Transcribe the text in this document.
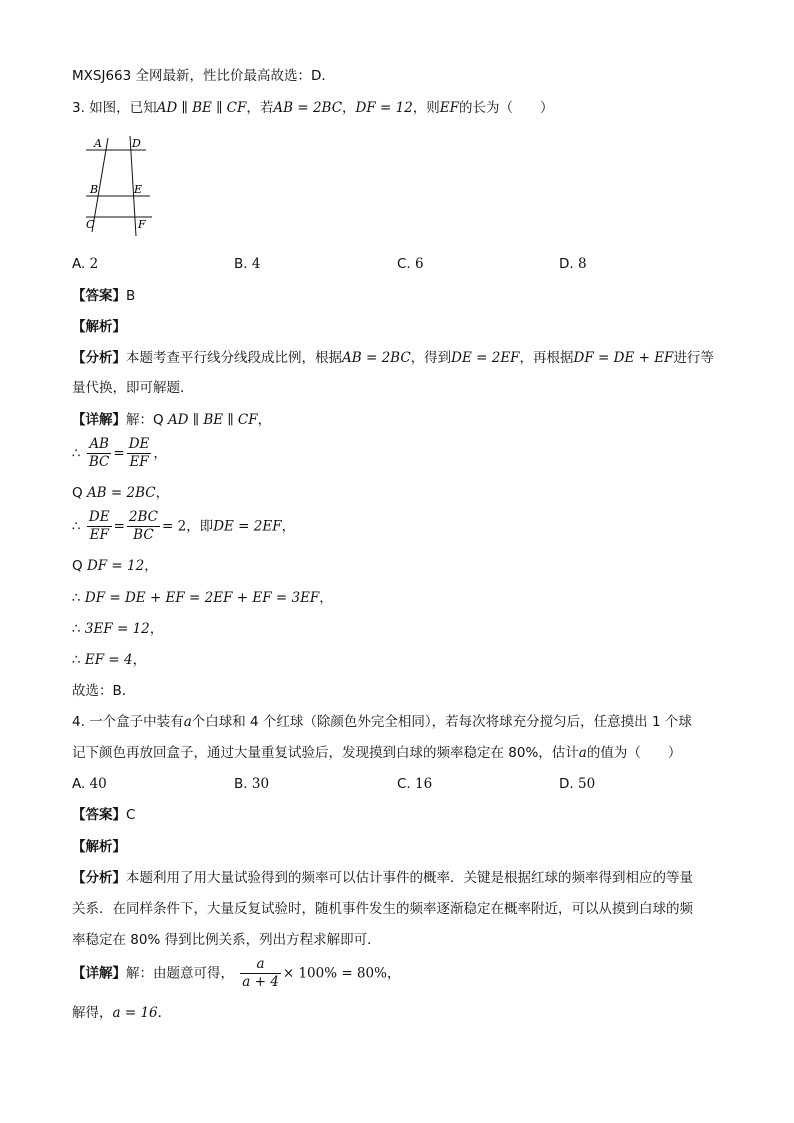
MXSJ663 全网最新，性比价最高故选：D．
3. 如图，已知AD ∥ BE ∥ CF，若AB = 2BC，DF = 12，则EF的长为（　　）
A	D
B	E
C	F
A. 2	B. 4	C. 6	D. 8
【答案】B
【解析】
【分析】本题考查平行线分线段成比例，根据AB = 2BC，得到DE = 2EF，再根据DF = DE + EF进行等
量代换，即可解题．
【详解】解：Q AD ∥ BE ∥ CF，
∴ $\frac{AB}{BC} = \frac{DE}{EF}$ ，
Q AB = 2BC，
∴ $\frac{DE}{EF} = \frac{2BC}{BC} = 2$，即DE = 2EF，
Q DF = 12，
∴ DF = DE + EF = 2EF + EF = 3EF，
∴ 3EF = 12，
∴ EF = 4，
故选：B．
4. 一个盒子中装有a个白球和 4 个红球（除颜色外完全相同），若每次将球充分搅匀后，任意摸出 1 个球
记下颜色再放回盒子，通过大量重复试验后，发现摸到白球的频率稳定在 80%，估计a的值为（　　）
A. 40	B. 30	C. 16	D. 50
【答案】C
【解析】
【分析】本题利用了用大量试验得到的频率可以估计事件的概率．关键是根据红球的频率得到相应的等量
关系．在同样条件下，大量反复试验时，随机事件发生的频率逐渐稳定在概率附近，可以从摸到白球的频
率稳定在 80% 得到比例关系，列出方程求解即可．
【详解】解：由题意可得， $\frac{a}{a + 4} \times 100\% = 80\%$，
解得，a = 16．
